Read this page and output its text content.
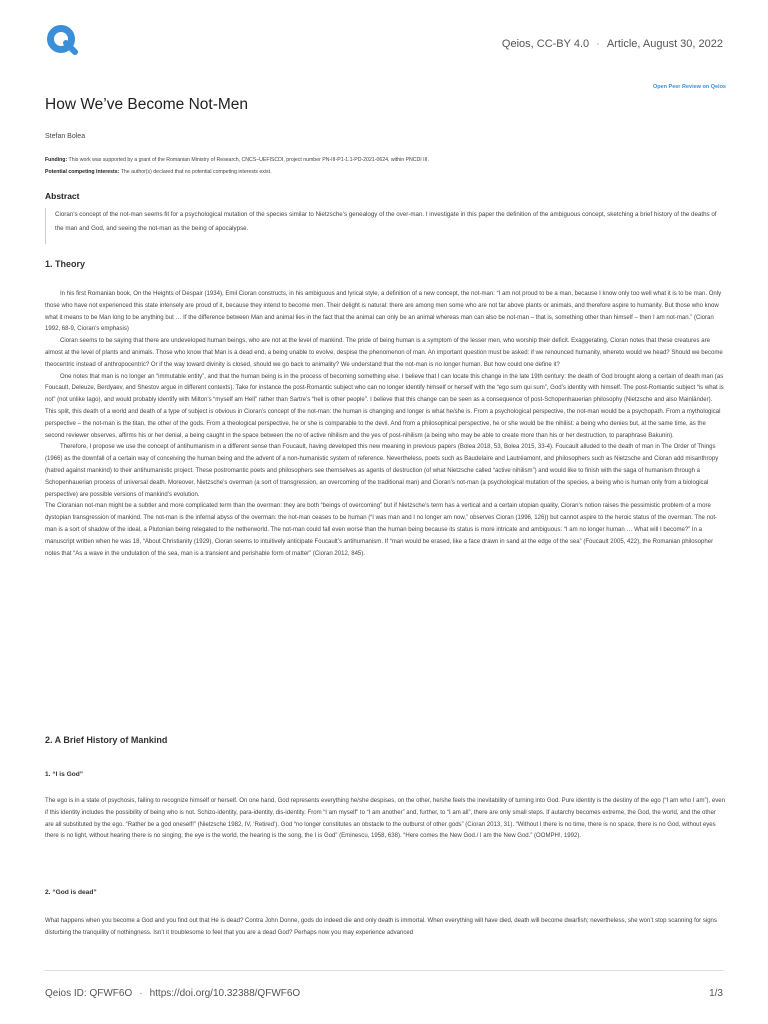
Qeios, CC-BY 4.0 · Article, August 30, 2022
Open Peer Review on Qeios
How We’ve Become Not-Men
Stefan Bolea
Funding: This work was supported by a grant of the Romanian Ministry of Research, CNCS–UEFISCDI, project number PN-III-P1-1.1-PD-2021-0624, within PNCDI III.
Potential competing interests: The author(s) declared that no potential competing interests exist.
Abstract

Cioran’s concept of the not-man seems fit for a psychological mutation of the species similar to Nietzsche’s genealogy of the over-man. I investigate in this paper the definition of the ambiguous concept, sketching a brief history of the deaths of the man and God, and seeing the not-man as the being of apocalypse.

1. Theory

In his first Romanian book, On the Heights of Despair (1934), Emil Cioran constructs, in his ambiguous and lyrical style, a definition of a new concept, the not-man: “I am not proud to be a man, because I know only too well what it is to be man. Only those who have not experienced this state intensely are proud of it, because they intend to become men. Their delight is natural: there are among men some who are not far above plants or animals, and therefore aspire to humanity. But those who know what it means to be Man long to be anything but … If the difference between Man and animal lies in the fact that the animal can only be an animal whereas man can also be not-man – that is, something other than himself – then I am not-man.” (Cioran 1992, 68-9, Cioran’s emphasis)

Cioran seems to be saying that there are undeveloped human beings, who are not at the level of mankind. The pride of being human is a symptom of the lesser men, who worship their deficit. Exaggerating, Cioran notes that these creatures are almost at the level of plants and animals. Those who know that Man is a dead end, a being unable to evolve, despise the phenomenon of man. An important question must be asked: if we renounced humanity, whereto would we head? Should we become theocentric instead of anthropocentric? Or if the way toward divinity is closed, should we go back to animality? We understand that the not-man is no longer human. But how could one define it?

One notes that man is no longer an “immutable entity”, and that the human being is in the process of becoming something else. I believe that I can locate this change in the late 19th century: the death of God brought along a certain of death man (as Foucault, Deleuze, Berdyaev, and Shestov argue in different contexts). Take for instance the post-Romantic subject who can no longer identify himself or herself with the “ego sum qui sum”, God’s identity with himself. The post-Romantic subject “is what is not” (not unlike Iago), and would probably identify with Milton’s “myself am Hell” rather than Sartre’s “hell is other people”. I believe that this change can be seen as a consequence of post-Schopenhauerian philosophy (Nietzsche and also Mainländer). This split, this death of a world and death of a type of subject is obvious in Cioran’s concept of the not-man: the human is changing and longer is what he/she is. From a psychological perspective, the not-man would be a psychopath. From a mythological perspective – the not-man is the titan, the other of the gods. From a theological perspective, he or she is comparable to the devil. And from a philosophical perspective, he or she would be the nihilist: a being who denies but, at the same time, as the second reviewer observes, affirms his or her denial, a being caught in the space between the no of active nihilism and the yes of post-nihilism (a being who may be able to create more than his or her destruction, to paraphrase Bakunin).

Therefore, I propose we use the concept of antihumanism in a different sense than Foucault, having developed this new meaning in previous papers (Bolea 2018, 53, Bolea 2015, 33-4). Foucault alluded to the death of man in The Order of Things (1966) as the downfall of a certain way of conceiving the human being and the advent of a non-humanistic system of reference. Nevertheless, poets such as Baudelaire and Lautréamont, and philosophers such as Nietzsche and Cioran add misanthropy (hatred against mankind) to their antihumanistic project. These postromantic poets and philosophers see themselves as agents of destruction (of what Nietzsche called “active nihilism”) and would like to finish with the saga of humanism through a Schopenhauerian process of universal death. Moreover, Nietzsche’s overman (a sort of transgression, an overcoming of the traditional man) and Cioran’s not-man (a psychological mutation of the species, a being who is human only from a biological perspective) are possible versions of mankind’s evolution.

The Cioranian not-man might be a subtler and more complicated term than the overman: they are both “beings of overcoming” but if Nietzsche’s term has a vertical and a certain utopian quality, Cioran’s notion raises the pessimistic problem of a more dystopian transgression of mankind. The not-man is the infernal abyss of the overman: the not-man ceases to be human (“I was man and I no longer am now,” observes Cioran (1996, 126)) but cannot aspire to the heroic status of the overman. The not-man is a sort of shadow of the ideal, a Plutonian being relegated to the netherworld. The not-man could fall even worse than the human being because its status is more intricate and ambiguous: “I am no longer human … What will I become?” In a manuscript written when he was 18, “About Christianity (1929), Cioran seems to intuitively anticipate Foucault’s antihumanism. If “man would be erased, like a face drawn in sand at the edge of the sea” (Foucault 2005, 422), the Romanian philosopher notes that “As a wave in the undulation of the sea, man is a transient and perishable form of matter” (Cioran 2012, 845).

2. A Brief History of Mankind
1. “I is God”

The ego is in a state of psychosis, failing to recognize himself or herself. On one hand, God represents everything he/she despises, on the other, he/she feels the inevitability of turning into God. Pure identity is the destiny of the ego (“I am who I am”), even if this identity includes the possibility of being who is not. Schizo-identity, para-identity, dis-identity. From “I am myself” to “I am another” and, further, to “I am all”, there are only small steps. If autarchy becomes extreme, the God, the world, and the other are all substituted by the ego. “Rather be a god oneself!” (Nietzsche 1982, IV, ‘Retired’). God “no longer constitutes an obstacle to the outburst of other gods” (Cioran 2013, 31). “Without I there is no time, there is no space, there is no God, without eyes there is no light, without hearing there is no singing; the eye is the world, the hearing is the song, the I is God” (Eminescu, 1958, 638). “Here comes the New God./ I am the New God.” (OOMPH!, 1992).

2. “God is dead”

What happens when you become a God and you find out that He is dead? Contra John Donne, gods do indeed die and only death is immortal. When everything will have died, death will become dwarfish; nevertheless, she won’t stop scanning for signs disturbing the tranquility of nothingness. Isn’t it troublesome to feel that you are a dead God? Perhaps now you may experience advanced

Qeios ID: QFWF6O · https://doi.org/10.32388/QFWF6O	1/3
